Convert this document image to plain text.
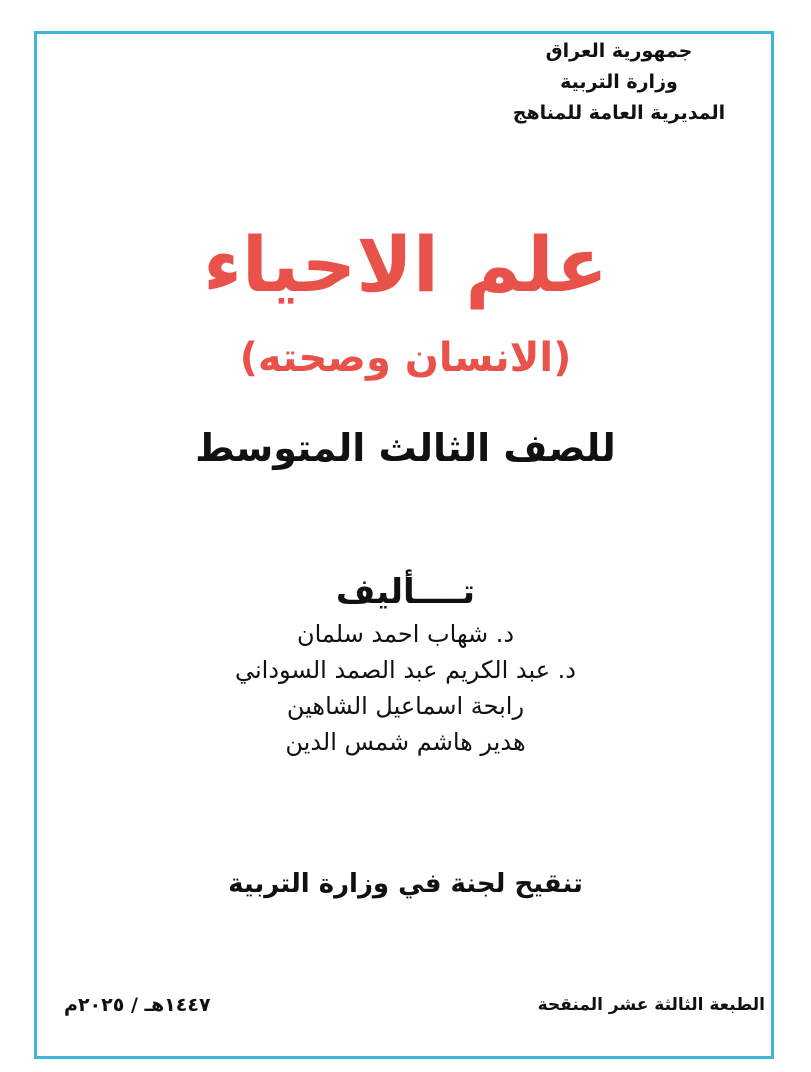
جمهورية العراق
وزارة التربية
المديرية العامة للمناهج
علم الاحياء
(الانسان وصحته)
للصف الثالث المتوسط
تــــأليف
د. شهاب احمد سلمان
د. عبد الكريم عبد الصمد السوداني
رابحة اسماعيل الشاهين
هدير هاشم شمس الدين
تنقيح لجنة في وزارة التربية
الطبعة الثالثة عشر المنقحة
١٤٤٧هـ / ٢٠٢٥م
